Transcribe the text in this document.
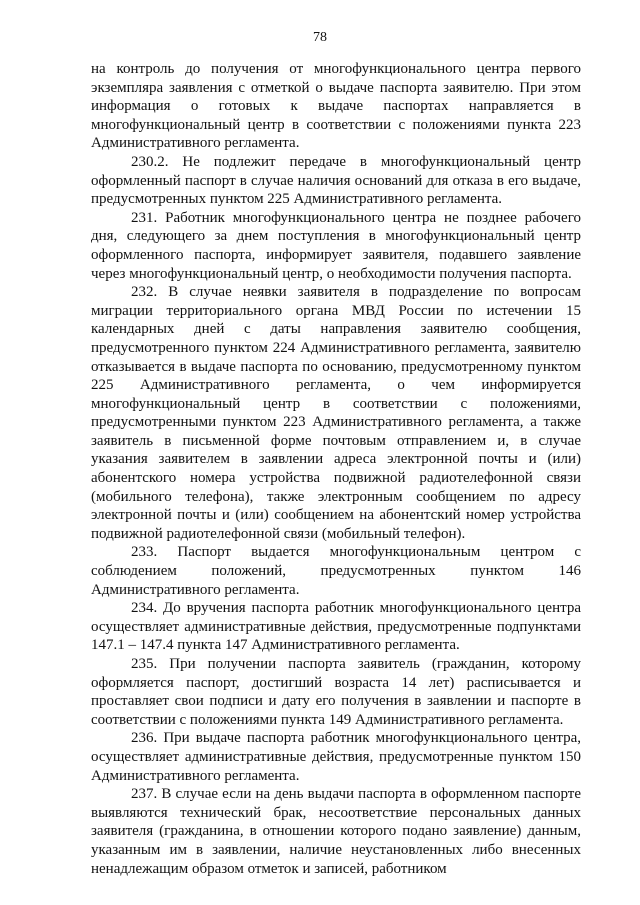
78

на контроль до получения от многофункционального центра первого экземпляра заявления с отметкой о выдаче паспорта заявителю. При этом информация о готовых к выдаче паспортах направляется в многофункциональный центр в соответствии с положениями пункта 223 Административного регламента.

230.2. Не подлежит передаче в многофункциональный центр оформленный паспорт в случае наличия оснований для отказа в его выдаче, предусмотренных пунктом 225 Административного регламента.

231. Работник многофункционального центра не позднее рабочего дня, следующего за днем поступления в многофункциональный центр оформленного паспорта, информирует заявителя, подавшего заявление через многофункциональный центр, о необходимости получения паспорта.

232. В случае неявки заявителя в подразделение по вопросам миграции территориального органа МВД России по истечении 15 календарных дней с даты направления заявителю сообщения, предусмотренного пунктом 224 Административного регламента, заявителю отказывается в выдаче паспорта по основанию, предусмотренному пунктом 225 Административного регламента, о чем информируется многофункциональный центр в соответствии с положениями, предусмотренными пунктом 223 Административного регламента, а также заявитель в письменной форме почтовым отправлением и, в случае указания заявителем в заявлении адреса электронной почты и (или) абонентского номера устройства подвижной радиотелефонной связи (мобильного телефона), также электронным сообщением по адресу электронной почты и (или) сообщением на абонентский номер устройства подвижной радиотелефонной связи (мобильный телефон).

233. Паспорт выдается многофункциональным центром с соблюдением положений, предусмотренных пунктом 146 Административного регламента.

234. До вручения паспорта работник многофункционального центра осуществляет административные действия, предусмотренные подпунктами 147.1 – 147.4 пункта 147 Административного регламента.

235. При получении паспорта заявитель (гражданин, которому оформляется паспорт, достигший возраста 14 лет) расписывается и проставляет свои подписи и дату его получения в заявлении и паспорте в соответствии с положениями пункта 149 Административного регламента.

236. При выдаче паспорта работник многофункционального центра, осуществляет административные действия, предусмотренные пунктом 150 Административного регламента.

237. В случае если на день выдачи паспорта в оформленном паспорте выявляются технический брак, несоответствие персональных данных заявителя (гражданина, в отношении которого подано заявление) данным, указанным им в заявлении, наличие неустановленных либо внесенных ненадлежащим образом отметок и записей, работником
